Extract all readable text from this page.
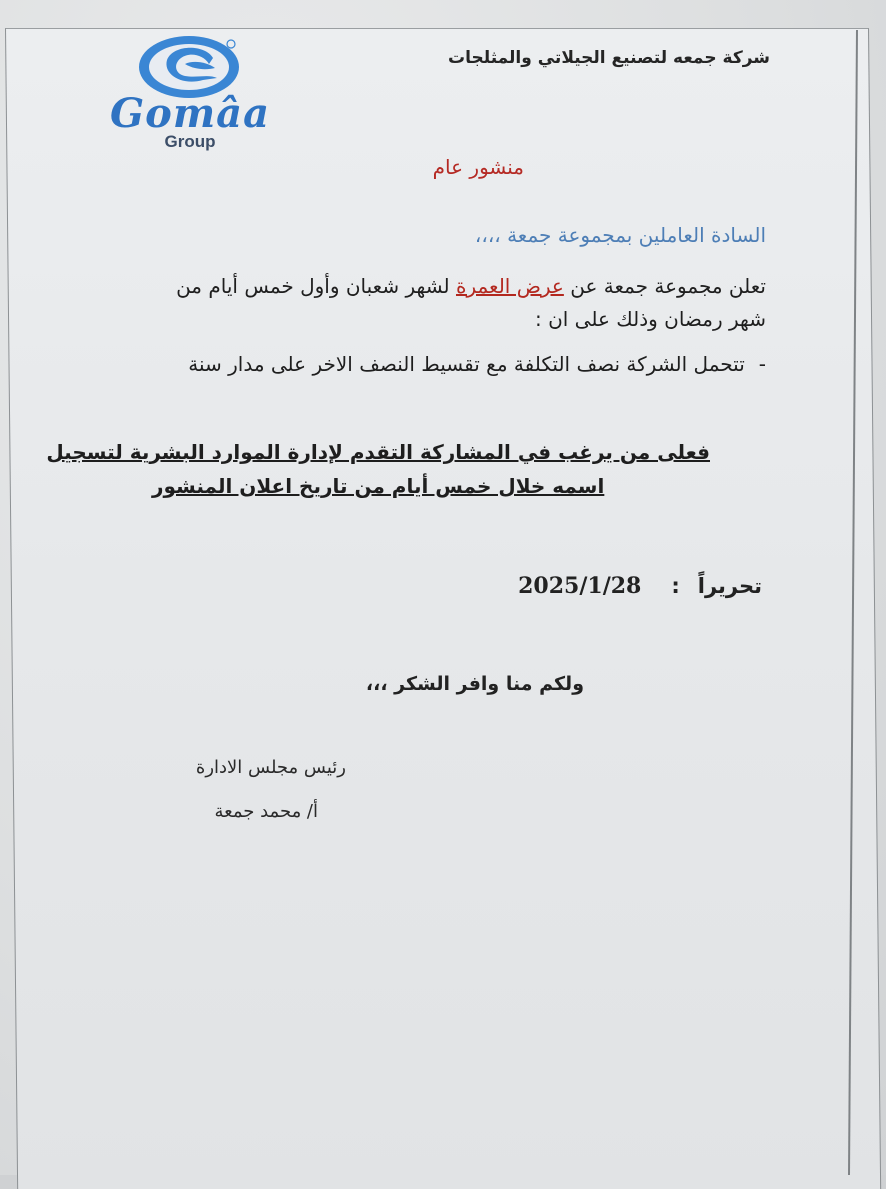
Gomâa
Group
شركة جمعه لتصنيع الجيلاتي والمثلجات
منشور عام
السادة العاملين بمجموعة جمعة ،،،،
تعلن مجموعة جمعة عن عرض العمرة لشهر شعبان وأول خمس أيام من
شهر رمضان وذلك على ان :
-تتحمل الشركة نصف التكلفة مع تقسيط النصف الاخر على مدار سنة
فعلى من يرغب في المشاركة التقدم لإدارة الموارد البشرية لتسجيل
اسمه خلال خمس أيام من تاريخ اعلان المنشور
تحريراً:2025/1/28
ولكم منا وافر الشكر ،،،
رئيس مجلس الادارة
أ/ محمد جمعة
